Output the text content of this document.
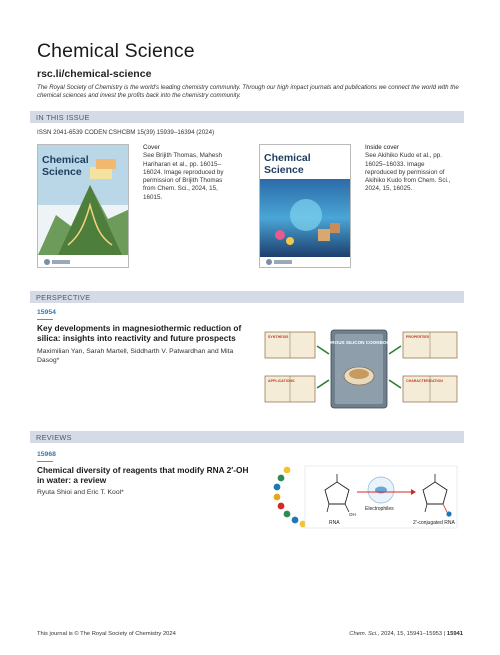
Chemical Science
rsc.li/chemical-science
The Royal Society of Chemistry is the world's leading chemistry community. Through our high impact journals and publications we connect the world with the chemical sciences and invest the profits back into the chemistry community.
IN THIS ISSUE
ISSN 2041-6539 CODEN CSHCBM 15(39) 15939–16394 (2024)
Chemical
Science
Cover
See Brijith Thomas, Mahesh Hariharan et al., pp. 16015–16024. Image reproduced by permission of Brijith Thomas from Chem. Sci., 2024, 15, 16015.
Chemical
Science
Inside cover
See Akihiko Kudo et al., pp. 16025–16033. Image reproduced by permission of Akihiko Kudo from Chem. Sci., 2024, 15, 16025.
PERSPECTIVE
15954
Key developments in magnesiothermic reduction of silica: insights into reactivity and future prospects
Maximilian Yan, Sarah Martell, Siddharth V. Patwardhan and Mita Dasog*
SYNTHESIS	PROPERTIES
APPLICATIONS	CHARACTERIZATION
POROUS SILICON COOKBOOK
REVIEWS
15968
Chemical diversity of reagents that modify RNA 2′-OH in water: a review
Ryuta Shioi and Eric T. Kool*
OH
RNA
Electrophiles
2′-conjugated RNA
This journal is © The Royal Society of Chemistry 2024	Chem. Sci., 2024, 15, 15941–15953 | 15941
